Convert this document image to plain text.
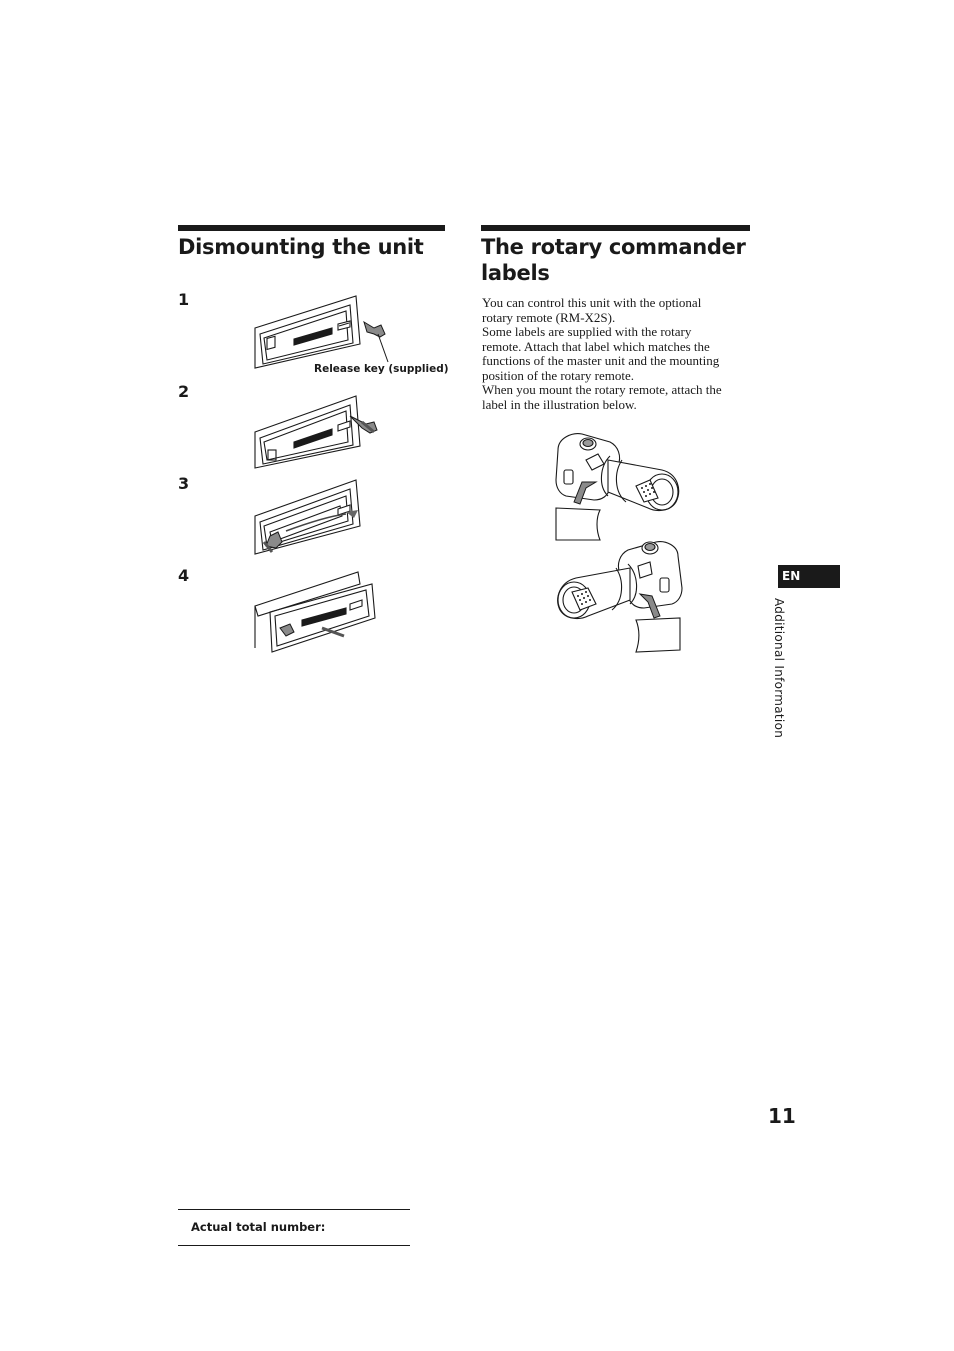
Dismounting the unit
1
2
3
4
Release key (supplied)
The rotary commander
labels

You can control this unit with the optional
rotary remote (RM-X2S).
Some labels are supplied with the rotary
remote. Attach that label which matches the
functions of the master unit and the mounting
position of the rotary remote.
When you mount the rotary remote, attach the
label in the illustration below.

EN
Additional Information
11
Actual total number:
